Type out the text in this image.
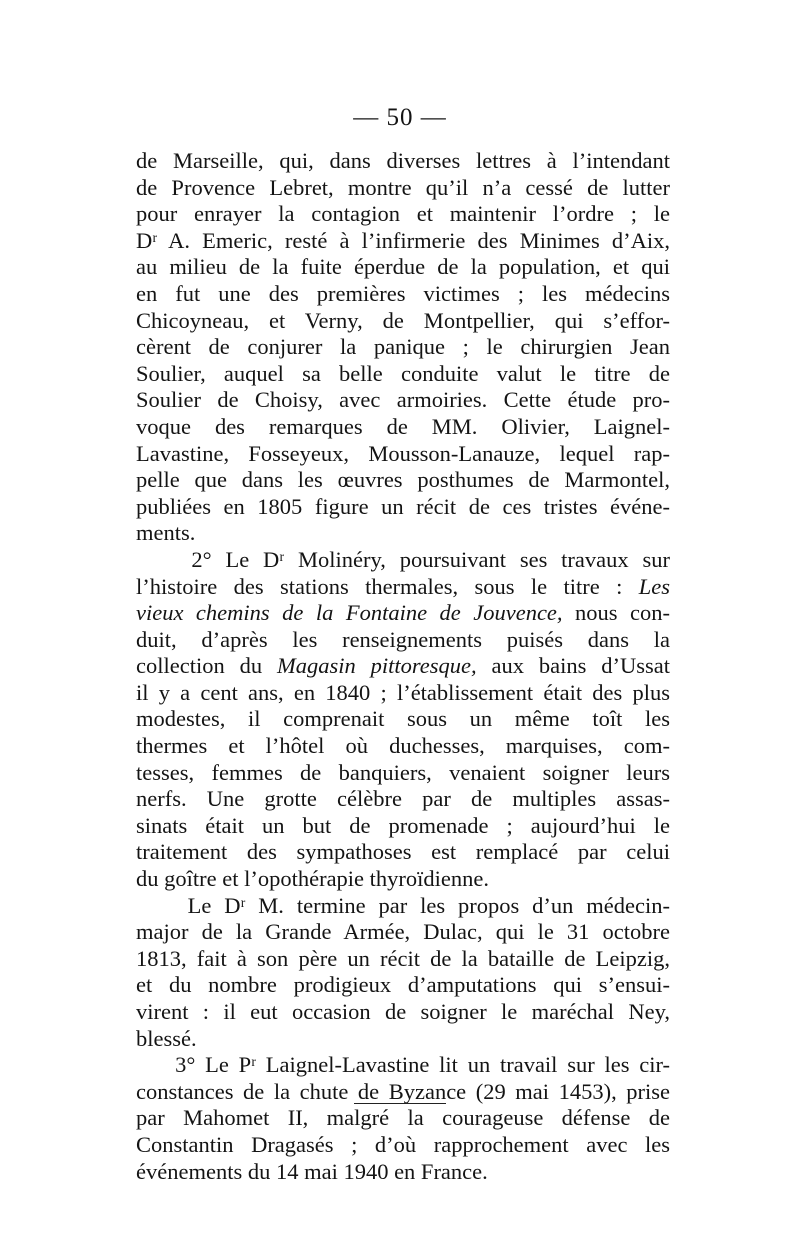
— 50 —
de Marseille, qui, dans diverses lettres à l’intendant
de Provence Lebret, montre qu’il n’a cessé de lutter
pour enrayer la contagion et maintenir l’ordre ; le
Dʳ A. Emeric, resté à l’infirmerie des Minimes d’Aix,
au milieu de la fuite éperdue de la population, et qui
en fut une des premières victimes ; les médecins
Chicoyneau, et Verny, de Montpellier, qui s’effor-
cèrent de conjurer la panique ; le chirurgien Jean
Soulier, auquel sa belle conduite valut le titre de
Soulier de Choisy, avec armoiries. Cette étude pro-
voque des remarques de MM. Olivier, Laignel-
Lavastine, Fosseyeux, Mousson-Lanauze, lequel rap-
pelle que dans les œuvres posthumes de Marmontel,
publiées en 1805 figure un récit de ces tristes événe-
ments.
2° Le Dʳ Molinéry, poursuivant ses travaux sur
l’histoire des stations thermales, sous le titre : Les
vieux chemins de la Fontaine de Jouvence, nous con-
duit, d’après les renseignements puisés dans la
collection du Magasin pittoresque, aux bains d’Ussat
il y a cent ans, en 1840 ; l’établissement était des plus
modestes, il comprenait sous un même toît les
thermes et l’hôtel où duchesses, marquises, com-
tesses, femmes de banquiers, venaient soigner leurs
nerfs. Une grotte célèbre par de multiples assas-
sinats était un but de promenade ; aujourd’hui le
traitement des sympathoses est remplacé par celui
du goître et l’opothérapie thyroïdienne.
Le Dʳ M. termine par les propos d’un médecin-
major de la Grande Armée, Dulac, qui le 31 octobre
1813, fait à son père un récit de la bataille de Leipzig,
et du nombre prodigieux d’amputations qui s’ensui-
virent : il eut occasion de soigner le maréchal Ney,
blessé.
3° Le Pʳ Laignel-Lavastine lit un travail sur les cir-
constances de la chute de Byzance (29 mai 1453), prise
par Mahomet II, malgré la courageuse défense de
Constantin Dragasés ; d’où rapprochement avec les
événements du 14 mai 1940 en France.
